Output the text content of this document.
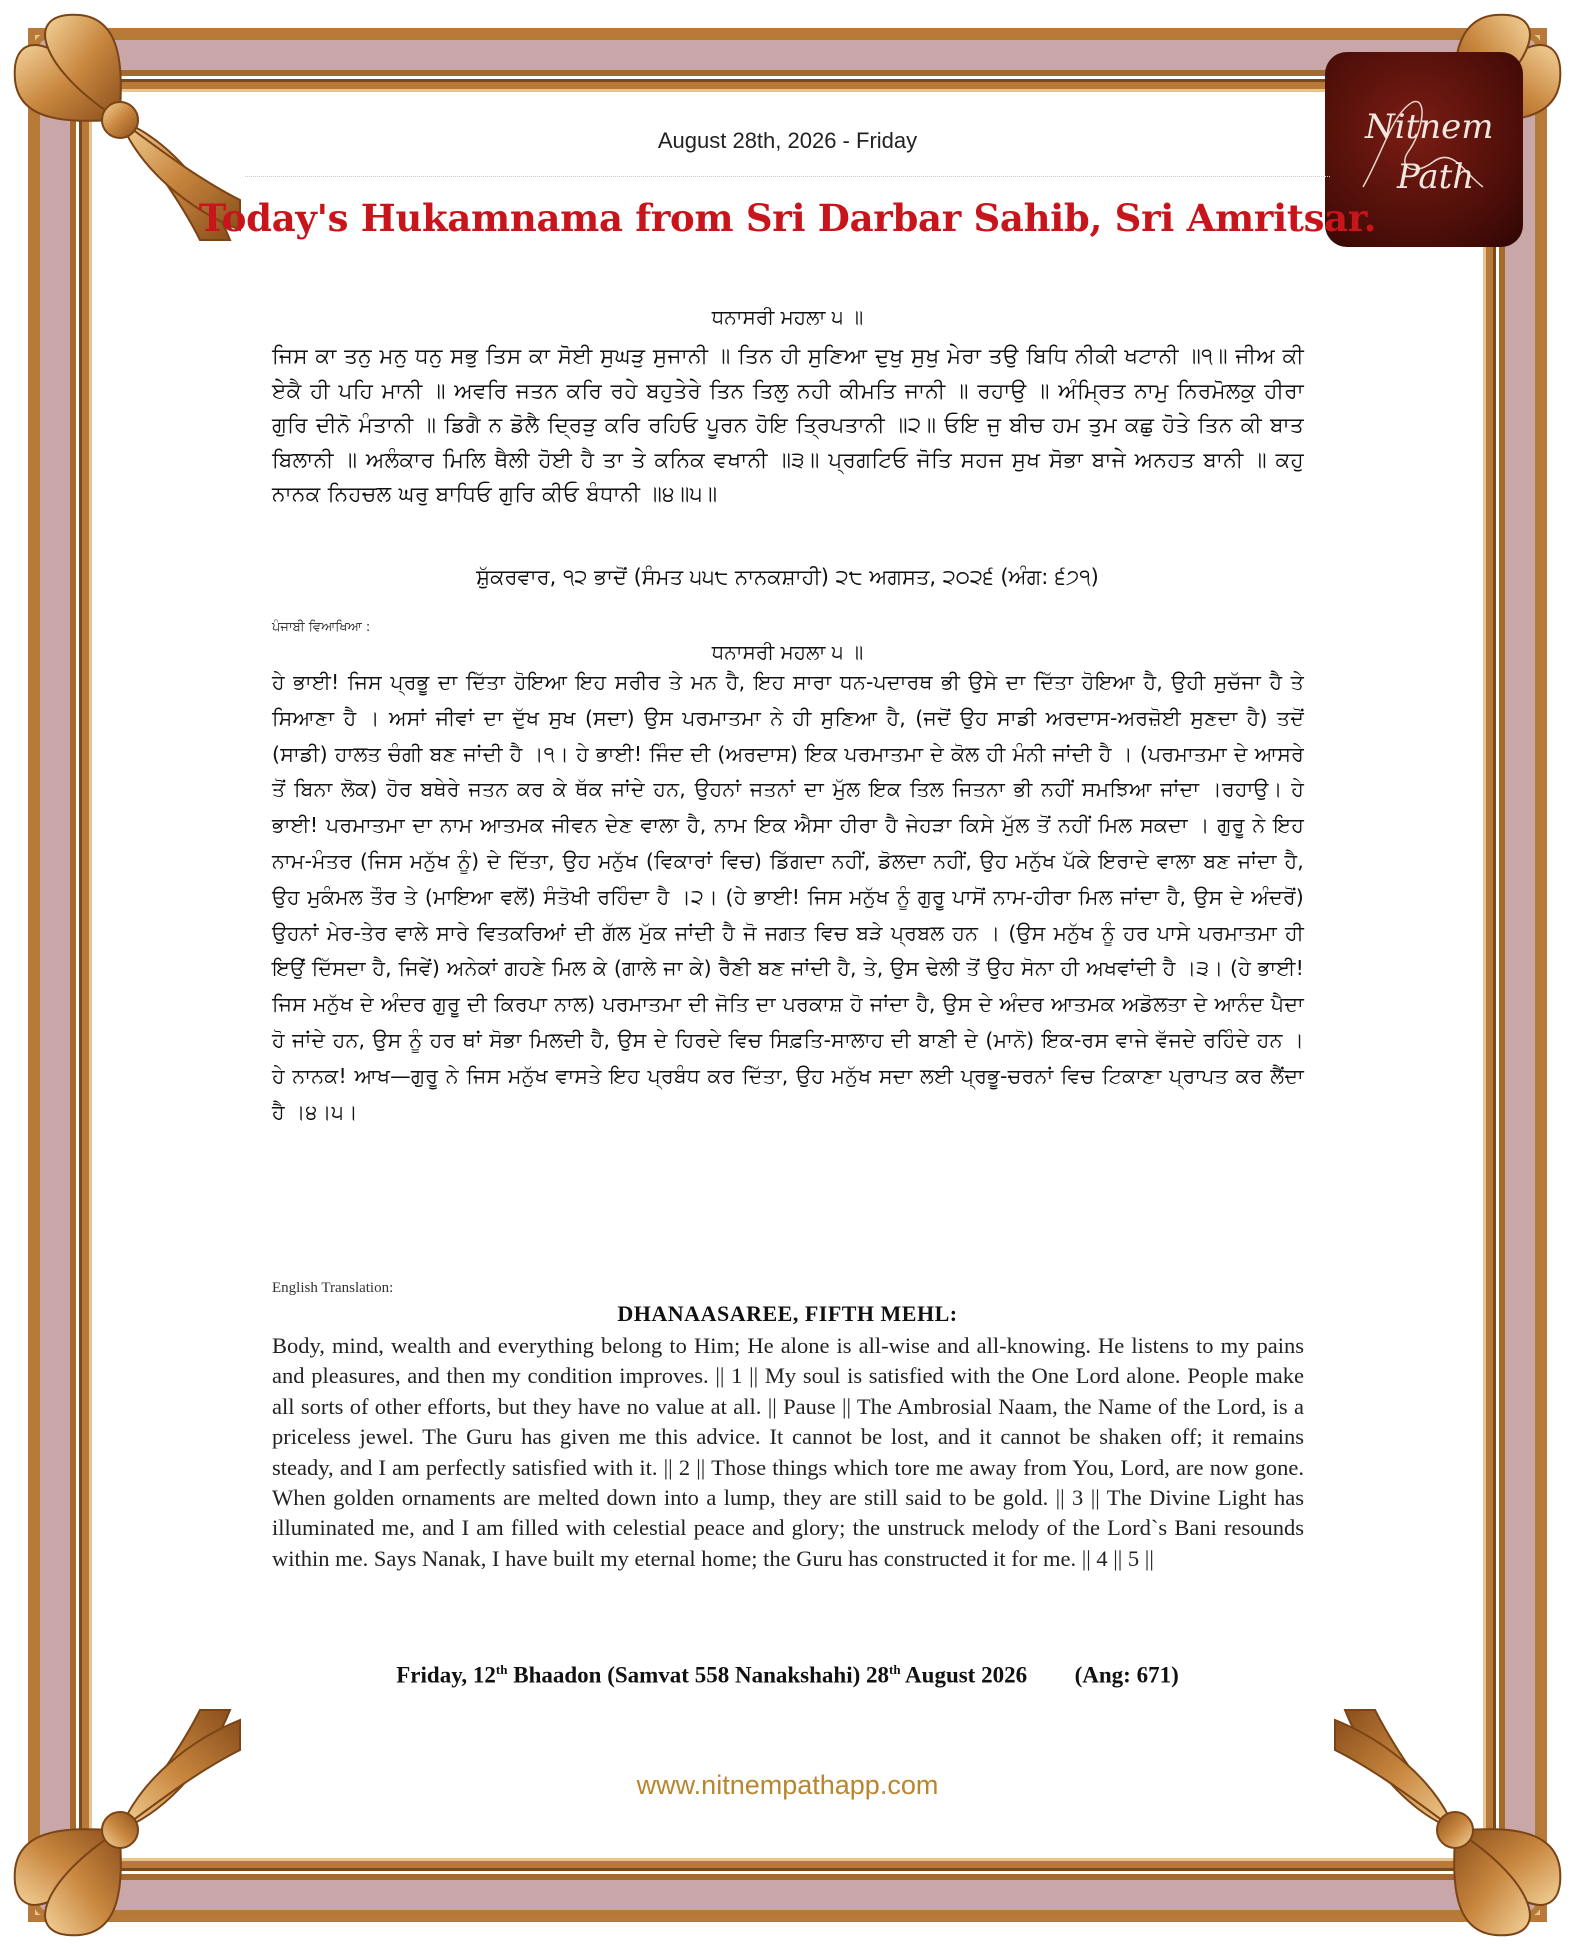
Nitnem
Path
August 28th, 2026 - Friday
Today's Hukamnama from Sri Darbar Sahib, Sri Amritsar.
ਧਨਾਸਰੀ ਮਹਲਾ ੫ ॥
ਜਿਸ ਕਾ ਤਨੁ ਮਨੁ ਧਨੁ ਸਭੁ ਤਿਸ ਕਾ ਸੋਈ ਸੁਘੜੁ ਸੁਜਾਨੀ ॥ ਤਿਨ ਹੀ ਸੁਣਿਆ ਦੁਖੁ ਸੁਖੁ ਮੇਰਾ ਤਉ ਬਿਧਿ ਨੀਕੀ ਖਟਾਨੀ ॥੧॥ ਜੀਅ ਕੀ ਏਕੈ ਹੀ ਪਹਿ ਮਾਨੀ ॥ ਅਵਰਿ ਜਤਨ ਕਰਿ ਰਹੇ ਬਹੁਤੇਰੇ ਤਿਨ ਤਿਲੁ ਨਹੀ ਕੀਮਤਿ ਜਾਨੀ ॥ ਰਹਾਉ ॥ ਅੰਮ੍ਰਿਤ ਨਾਮੁ ਨਿਰਮੋਲਕੁ ਹੀਰਾ ਗੁਰਿ ਦੀਨੋ ਮੰਤਾਨੀ ॥ ਡਿਗੈ ਨ ਡੋਲੈ ਦ੍ਰਿੜੁ ਕਰਿ ਰਹਿਓ ਪੂਰਨ ਹੋਇ ਤ੍ਰਿਪਤਾਨੀ ॥੨॥ ਓਇ ਜੁ ਬੀਚ ਹਮ ਤੁਮ ਕਛੁ ਹੋਤੇ ਤਿਨ ਕੀ ਬਾਤ ਬਿਲਾਨੀ ॥ ਅਲੰਕਾਰ ਮਿਲਿ ਥੈਲੀ ਹੋਈ ਹੈ ਤਾ ਤੇ ਕਨਿਕ ਵਖਾਨੀ ॥੩॥ ਪ੍ਰਗਟਿਓ ਜੋਤਿ ਸਹਜ ਸੁਖ ਸੋਭਾ ਬਾਜੇ ਅਨਹਤ ਬਾਨੀ ॥ ਕਹੁ ਨਾਨਕ ਨਿਹਚਲ ਘਰੁ ਬਾਧਿਓ ਗੁਰਿ ਕੀਓ ਬੰਧਾਨੀ ॥੪॥੫॥
ਸ਼ੁੱਕਰਵਾਰ, ੧੨ ਭਾਦੋਂ (ਸੰਮਤ ੫੫੮ ਨਾਨਕਸ਼ਾਹੀ) ੨੮ ਅਗਸਤ, ੨੦੨੬ (ਅੰਗ: ੬੭੧)
ਪੰਜਾਬੀ ਵਿਆਖਿਆ :
ਧਨਾਸਰੀ ਮਹਲਾ ੫ ॥
ਹੇ ਭਾਈ! ਜਿਸ ਪ੍ਰਭੂ ਦਾ ਦਿੱਤਾ ਹੋਇਆ ਇਹ ਸਰੀਰ ਤੇ ਮਨ ਹੈ, ਇਹ ਸਾਰਾ ਧਨ-ਪਦਾਰਥ ਭੀ ਉਸੇ ਦਾ ਦਿੱਤਾ ਹੋਇਆ ਹੈ, ਉਹੀ ਸੁਚੱਜਾ ਹੈ ਤੇ ਸਿਆਣਾ ਹੈ । ਅਸਾਂ ਜੀਵਾਂ ਦਾ ਦੁੱਖ ਸੁਖ (ਸਦਾ) ਉਸ ਪਰਮਾਤਮਾ ਨੇ ਹੀ ਸੁਣਿਆ ਹੈ, (ਜਦੋਂ ਉਹ ਸਾਡੀ ਅਰਦਾਸ-ਅਰਜ਼ੋਈ ਸੁਣਦਾ ਹੈ) ਤਦੋਂ (ਸਾਡੀ) ਹਾਲਤ ਚੰਗੀ ਬਣ ਜਾਂਦੀ ਹੈ ।੧। ਹੇ ਭਾਈ! ਜਿੰਦ ਦੀ (ਅਰਦਾਸ) ਇਕ ਪਰਮਾਤਮਾ ਦੇ ਕੋਲ ਹੀ ਮੰਨੀ ਜਾਂਦੀ ਹੈ । (ਪਰਮਾਤਮਾ ਦੇ ਆਸਰੇ ਤੋਂ ਬਿਨਾ ਲੋਕ) ਹੋਰ ਬਥੇਰੇ ਜਤਨ ਕਰ ਕੇ ਥੱਕ ਜਾਂਦੇ ਹਨ, ਉਹਨਾਂ ਜਤਨਾਂ ਦਾ ਮੁੱਲ ਇਕ ਤਿਲ ਜਿਤਨਾ ਭੀ ਨਹੀਂ ਸਮਝਿਆ ਜਾਂਦਾ ।ਰਹਾਉ। ਹੇ ਭਾਈ! ਪਰਮਾਤਮਾ ਦਾ ਨਾਮ ਆਤਮਕ ਜੀਵਨ ਦੇਣ ਵਾਲਾ ਹੈ, ਨਾਮ ਇਕ ਐਸਾ ਹੀਰਾ ਹੈ ਜੇਹੜਾ ਕਿਸੇ ਮੁੱਲ ਤੋਂ ਨਹੀਂ ਮਿਲ ਸਕਦਾ । ਗੁਰੂ ਨੇ ਇਹ ਨਾਮ-ਮੰਤਰ (ਜਿਸ ਮਨੁੱਖ ਨੂੰ) ਦੇ ਦਿੱਤਾ, ਉਹ ਮਨੁੱਖ (ਵਿਕਾਰਾਂ ਵਿਚ) ਡਿੱਗਦਾ ਨਹੀਂ, ਡੋਲਦਾ ਨਹੀਂ, ਉਹ ਮਨੁੱਖ ਪੱਕੇ ਇਰਾਦੇ ਵਾਲਾ ਬਣ ਜਾਂਦਾ ਹੈ, ਉਹ ਮੁਕੰਮਲ ਤੌਰ ਤੇ (ਮਾਇਆ ਵਲੋਂ) ਸੰਤੋਖੀ ਰਹਿੰਦਾ ਹੈ ।੨। (ਹੇ ਭਾਈ! ਜਿਸ ਮਨੁੱਖ ਨੂੰ ਗੁਰੂ ਪਾਸੋਂ ਨਾਮ-ਹੀਰਾ ਮਿਲ ਜਾਂਦਾ ਹੈ, ਉਸ ਦੇ ਅੰਦਰੋਂ) ਉਹਨਾਂ ਮੇਰ-ਤੇਰ ਵਾਲੇ ਸਾਰੇ ਵਿਤਕਰਿਆਂ ਦੀ ਗੱਲ ਮੁੱਕ ਜਾਂਦੀ ਹੈ ਜੋ ਜਗਤ ਵਿਚ ਬੜੇ ਪ੍ਰਬਲ ਹਨ । (ਉਸ ਮਨੁੱਖ ਨੂੰ ਹਰ ਪਾਸੇ ਪਰਮਾਤਮਾ ਹੀ ਇਉਂ ਦਿੱਸਦਾ ਹੈ, ਜਿਵੇਂ) ਅਨੇਕਾਂ ਗਹਣੇ ਮਿਲ ਕੇ (ਗਾਲੇ ਜਾ ਕੇ) ਰੈਣੀ ਬਣ ਜਾਂਦੀ ਹੈ, ਤੇ, ਉਸ ਢੇਲੀ ਤੋਂ ਉਹ ਸੋਨਾ ਹੀ ਅਖਵਾਂਦੀ ਹੈ ।੩। (ਹੇ ਭਾਈ! ਜਿਸ ਮਨੁੱਖ ਦੇ ਅੰਦਰ ਗੁਰੂ ਦੀ ਕਿਰਪਾ ਨਾਲ) ਪਰਮਾਤਮਾ ਦੀ ਜੋਤਿ ਦਾ ਪਰਕਾਸ਼ ਹੋ ਜਾਂਦਾ ਹੈ, ਉਸ ਦੇ ਅੰਦਰ ਆਤਮਕ ਅਡੋਲਤਾ ਦੇ ਆਨੰਦ ਪੈਦਾ ਹੋ ਜਾਂਦੇ ਹਨ, ਉਸ ਨੂੰ ਹਰ ਥਾਂ ਸੋਭਾ ਮਿਲਦੀ ਹੈ, ਉਸ ਦੇ ਹਿਰਦੇ ਵਿਚ ਸਿਫ਼ਤਿ-ਸਾਲਾਹ ਦੀ ਬਾਣੀ ਦੇ (ਮਾਨੋ) ਇਕ-ਰਸ ਵਾਜੇ ਵੱਜਦੇ ਰਹਿੰਦੇ ਹਨ । ਹੇ ਨਾਨਕ! ਆਖ—ਗੁਰੂ ਨੇ ਜਿਸ ਮਨੁੱਖ ਵਾਸਤੇ ਇਹ ਪ੍ਰਬੰਧ ਕਰ ਦਿੱਤਾ, ਉਹ ਮਨੁੱਖ ਸਦਾ ਲਈ ਪ੍ਰਭੂ-ਚਰਨਾਂ ਵਿਚ ਟਿਕਾਣਾ ਪ੍ਰਾਪਤ ਕਰ ਲੈਂਦਾ ਹੈ ।੪।੫।
English Translation:
DHANAASAREE, FIFTH MEHL:
Body, mind, wealth and everything belong to Him; He alone is all-wise and all-knowing. He listens to my pains and pleasures, and then my condition improves. || 1 || My soul is satisfied with the One Lord alone. People make all sorts of other efforts, but they have no value at all. || Pause || The Ambrosial Naam, the Name of the Lord, is a priceless jewel. The Guru has given me this advice. It cannot be lost, and it cannot be shaken off; it remains steady, and I am perfectly satisfied with it. || 2 || Those things which tore me away from You, Lord, are now gone. When golden ornaments are melted down into a lump, they are still said to be gold. || 3 || The Divine Light has illuminated me, and I am filled with celestial peace and glory; the unstruck melody of the Lord`s Bani resounds within me. Says Nanak, I have built my eternal home; the Guru has constructed it for me. || 4 || 5 ||
Friday, 12th Bhaadon (Samvat 558 Nanakshahi) 28th August 2026 (Ang: 671)
www.nitnempathapp.com
